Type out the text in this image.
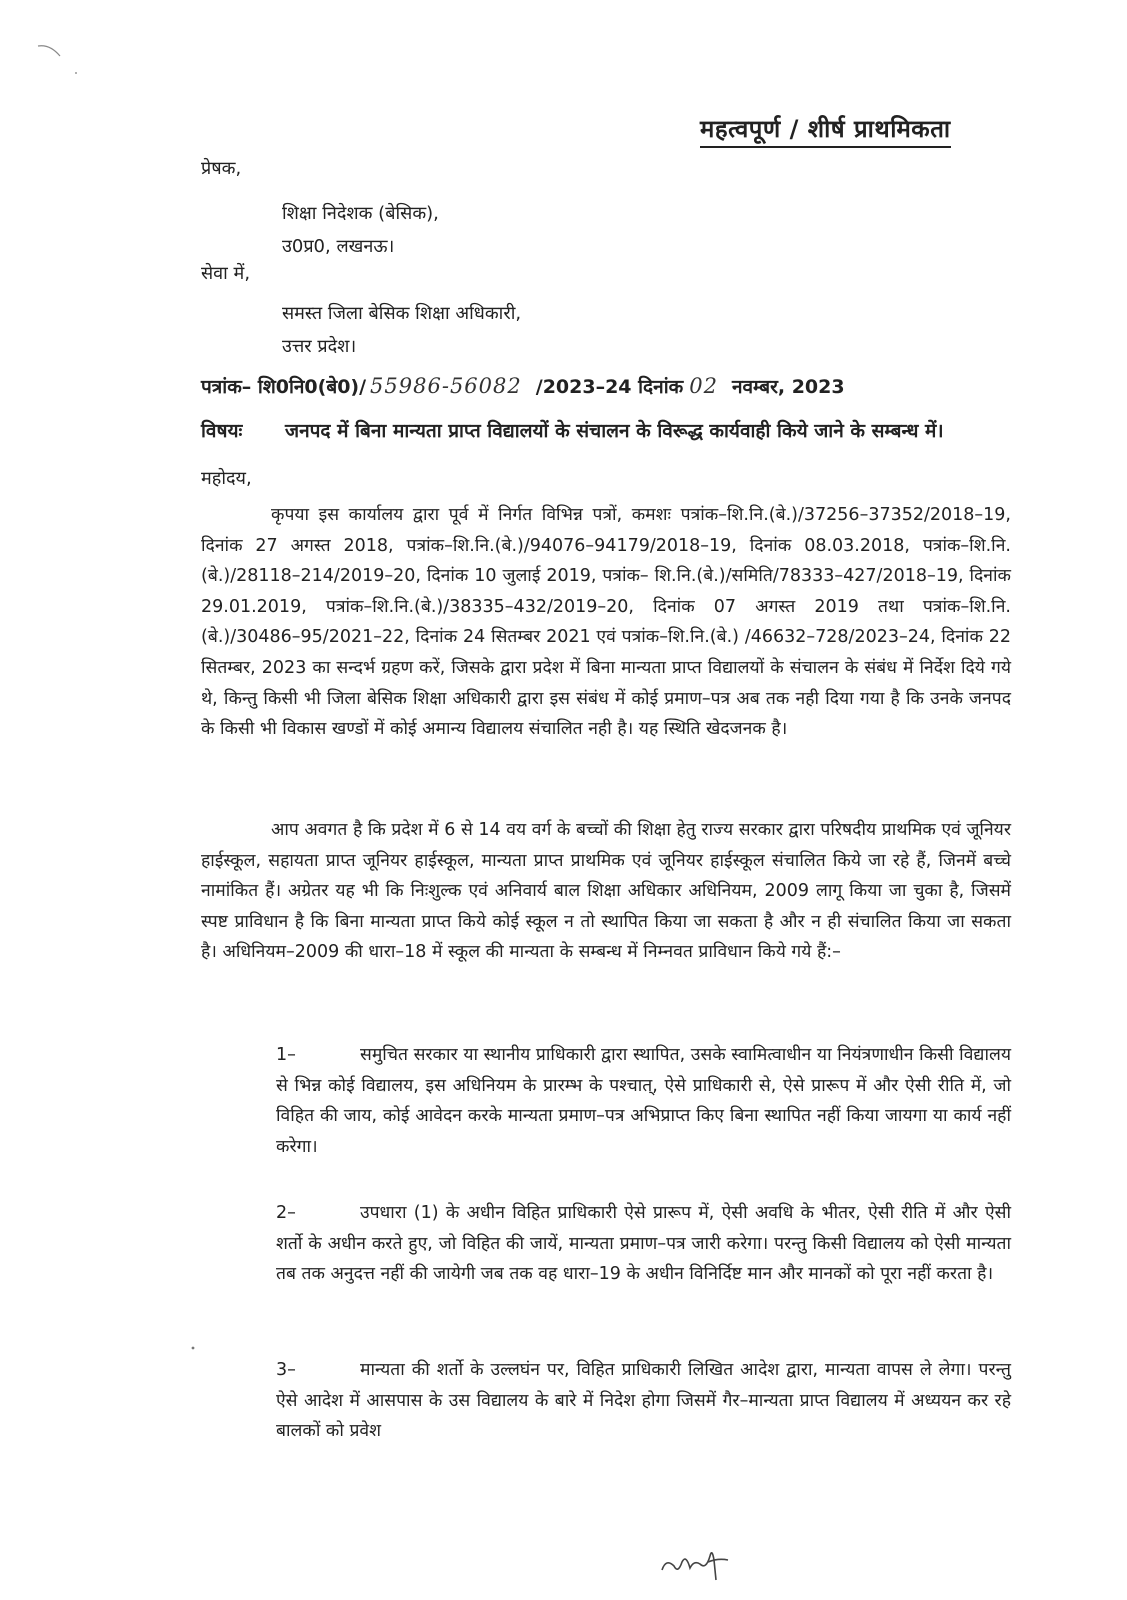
महत्वपूर्ण / शीर्ष प्राथमिकता
प्रेषक,
शिक्षा निदेशक (बेसिक),
उ0प्र0, लखनऊ।
सेवा में,
समस्त जिला बेसिक शिक्षा अधिकारी,
उत्तर प्रदेश।
पत्रांक– शि0नि0(बे0)/ 55986-56082 /2023–24 दिनांक 02 नवम्बर, 2023
विषयः	जनपद में बिना मान्यता प्राप्त विद्यालयों के संचालन के विरूद्ध कार्यवाही किये जाने के सम्बन्ध में।
महोदय,
कृपया इस कार्यालय द्वारा पूर्व में निर्गत विभिन्न पत्रों, कमशः पत्रांक–शि.नि.(बे.)/37256–37352/2018–19, दिनांक 27 अगस्त 2018, पत्रांक–शि.नि.(बे.)/94076–94179/2018–19, दिनांक 08.03.2018, पत्रांक–शि.नि.(बे.)/28118–214/2019–20, दिनांक 10 जुलाई 2019, पत्रांक– शि.नि.(बे.)/समिति/78333–427/2018–19, दिनांक 29.01.2019, पत्रांक–शि.नि.(बे.)/38335–432/2019–20, दिनांक 07 अगस्त 2019 तथा पत्रांक–शि.नि.(बे.)/30486–95/2021–22, दिनांक 24 सितम्बर 2021 एवं पत्रांक–शि.नि.(बे.) /46632–728/2023–24, दिनांक 22 सितम्बर, 2023 का सन्दर्भ ग्रहण करें, जिसके द्वारा प्रदेश में बिना मान्यता प्राप्त विद्यालयों के संचालन के संबंध में निर्देश दिये गये थे, किन्तु किसी भी जिला बेसिक शिक्षा अधिकारी द्वारा इस संबंध में कोई प्रमाण–पत्र अब तक नही दिया गया है कि उनके जनपद के किसी भी विकास खण्डों में कोई अमान्य विद्यालय संचालित नही है। यह स्थिति खेदजनक है।
आप अवगत है कि प्रदेश में 6 से 14 वय वर्ग के बच्चों की शिक्षा हेतु राज्य सरकार द्वारा परिषदीय प्राथमिक एवं जूनियर हाईस्कूल, सहायता प्राप्त जूनियर हाईस्कूल, मान्यता प्राप्त प्राथमिक एवं जूनियर हाईस्कूल संचालित किये जा रहे हैं, जिनमें बच्चे नामांकित हैं। अग्रेतर यह भी कि निःशुल्क एवं अनिवार्य बाल शिक्षा अधिकार अधिनियम, 2009 लागू किया जा चुका है, जिसमें स्पष्ट प्राविधान है कि बिना मान्यता प्राप्त किये कोई स्कूल न तो स्थापित किया जा सकता है और न ही संचालित किया जा सकता है। अधिनियम–2009 की धारा–18 में स्कूल की मान्यता के सम्बन्ध में निम्नवत प्राविधान किये गये हैं:–
1–	समुचित सरकार या स्थानीय प्राधिकारी द्वारा स्थापित, उसके स्वामित्वाधीन या नियंत्रणाधीन किसी विद्यालय से भिन्न कोई विद्यालय, इस अधिनियम के प्रारम्भ के पश्चात्, ऐसे प्राधिकारी से, ऐसे प्रारूप में और ऐसी रीति में, जो विहित की जाय, कोई आवेदन करके मान्यता प्रमाण–पत्र अभिप्राप्त किए बिना स्थापित नहीं किया जायगा या कार्य नहीं करेगा।
2–	उपधारा (1) के अधीन विहित प्राधिकारी ऐसे प्रारूप में, ऐसी अवधि के भीतर, ऐसी रीति में और ऐसी शर्तो के अधीन करते हुए, जो विहित की जायें, मान्यता प्रमाण–पत्र जारी करेगा। परन्तु किसी विद्यालय को ऐसी मान्यता तब तक अनुदत्त नहीं की जायेगी जब तक वह धारा–19 के अधीन विनिर्दिष्ट मान और मानकों को पूरा नहीं करता है।
3–	मान्यता की शर्तो के उल्लघंन पर, विहित प्राधिकारी लिखित आदेश द्वारा, मान्यता वापस ले लेगा। परन्तु ऐसे आदेश में आसपास के उस विद्यालय के बारे में निदेश होगा जिसमें गैर–मान्यता प्राप्त विद्यालय में अध्ययन कर रहे बालकों को प्रवेश
